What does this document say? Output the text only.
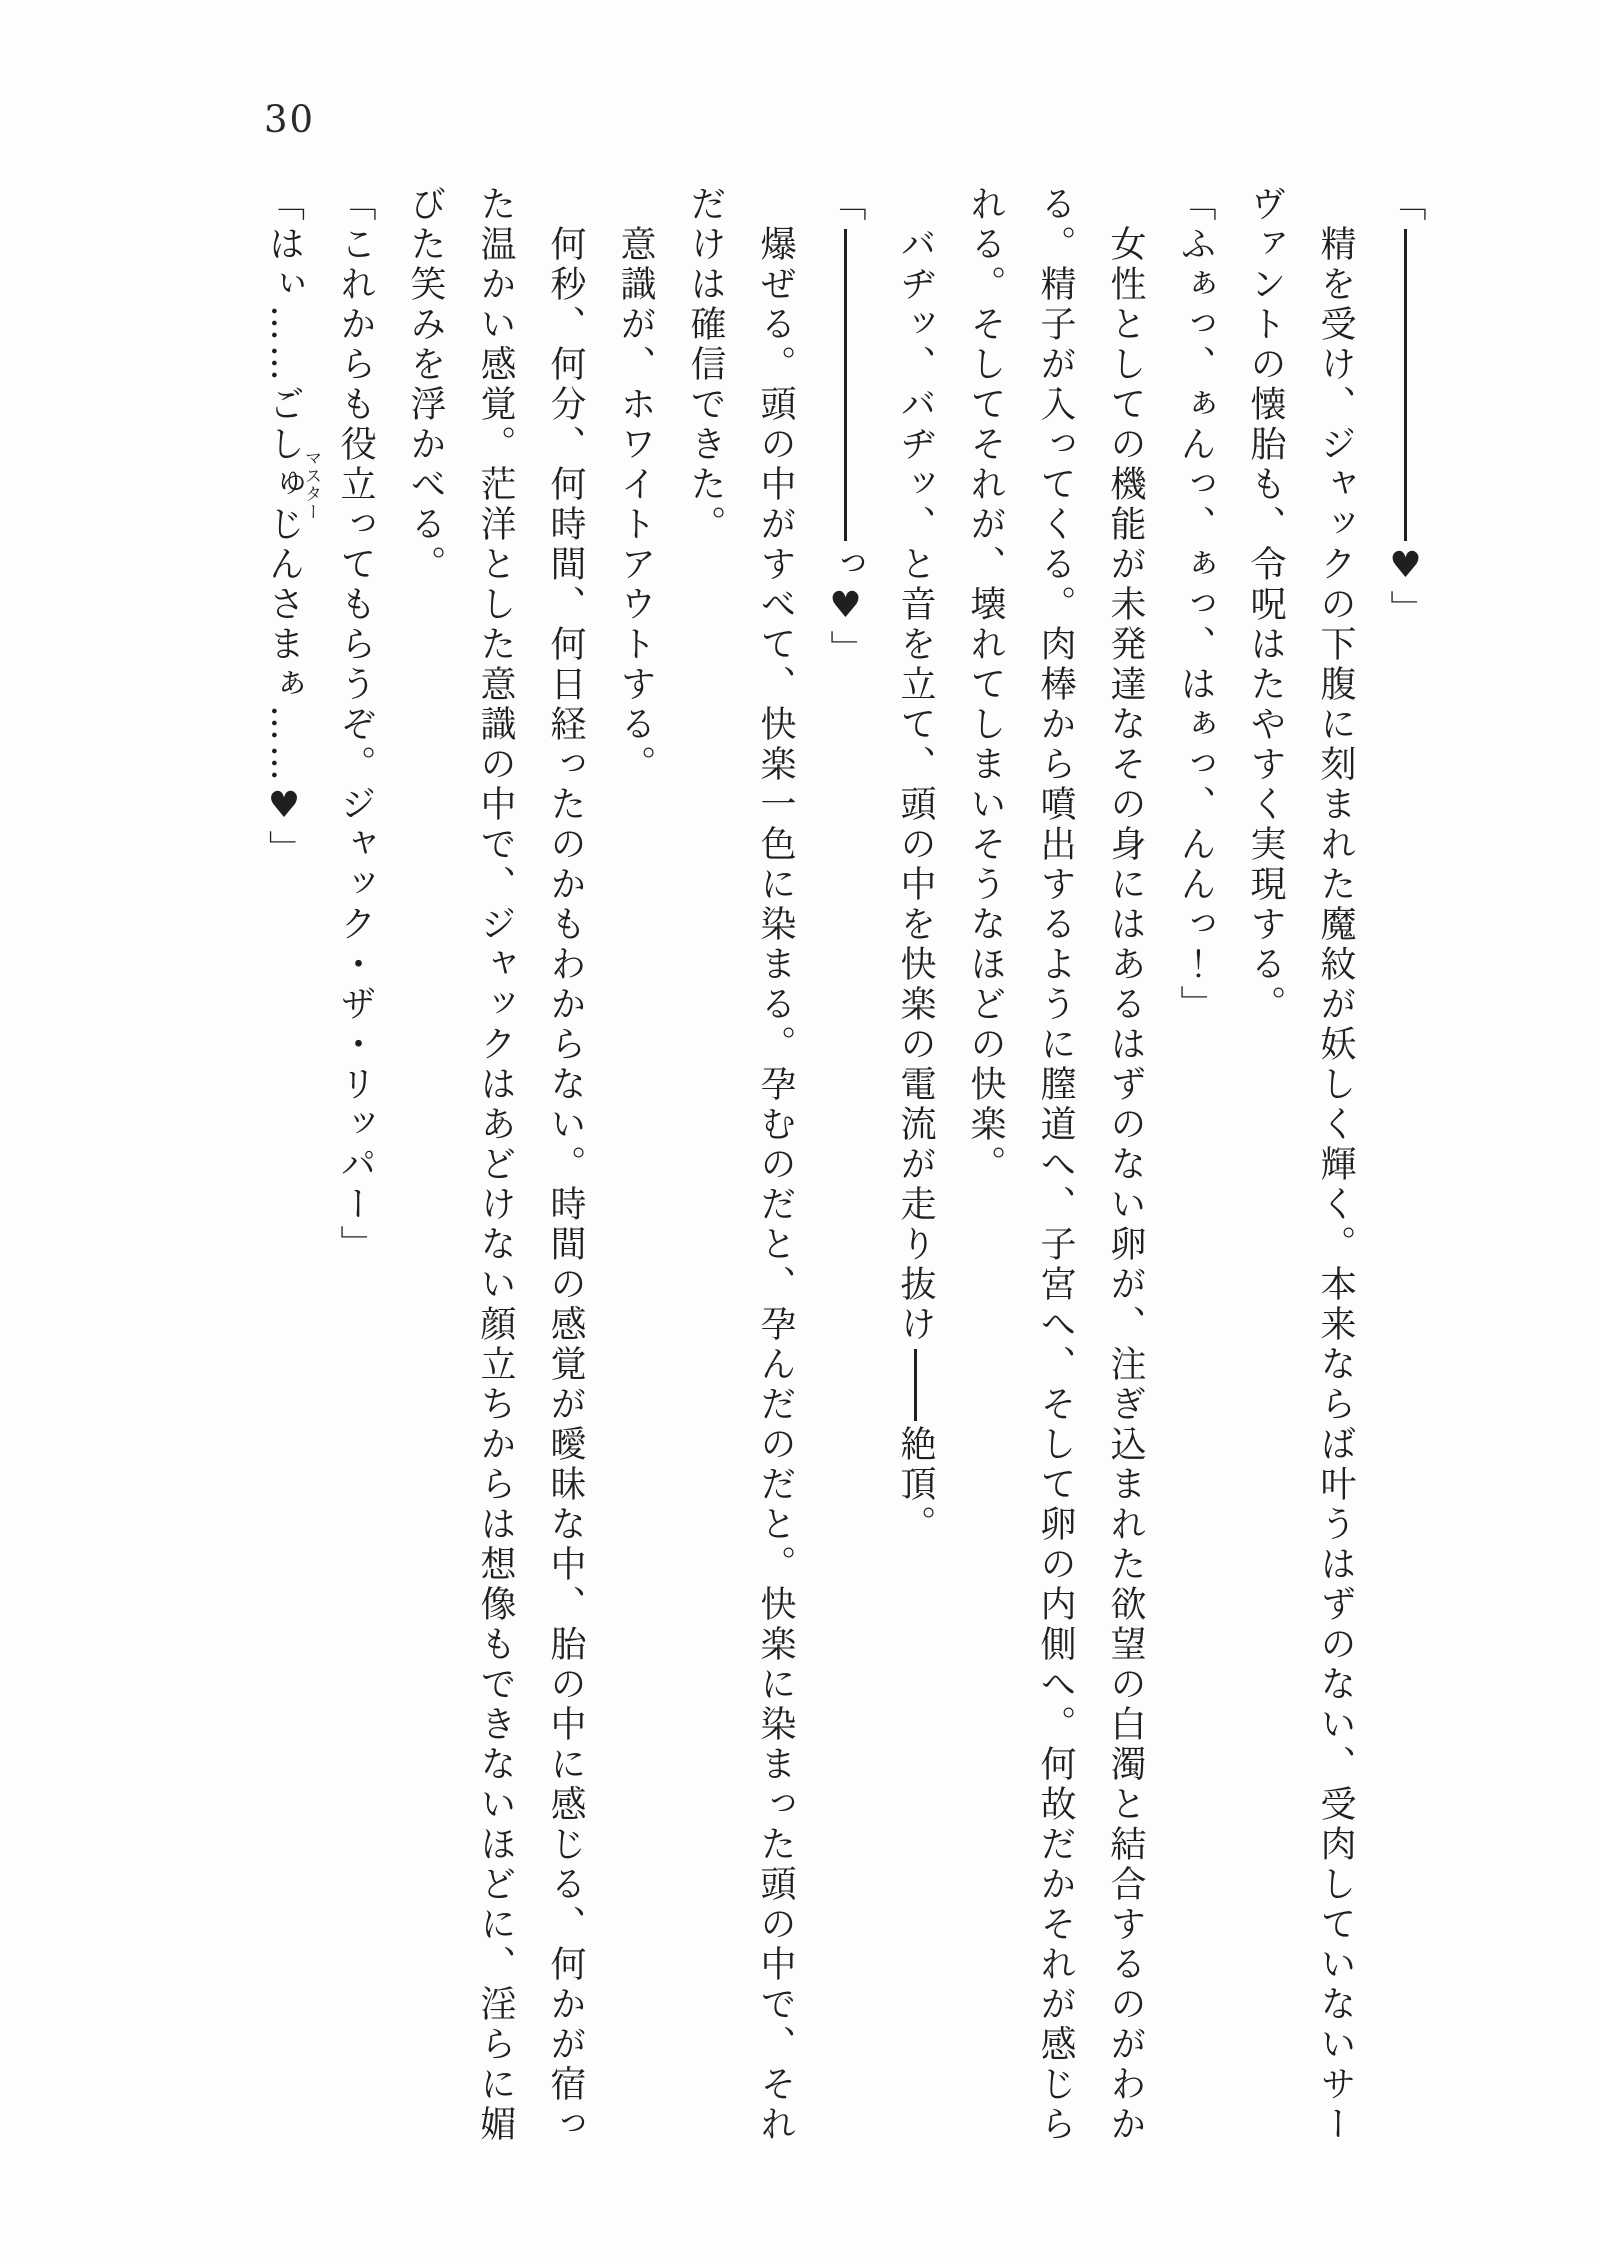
30
「♥」
精を受け、ジャックの下腹に刻まれた魔紋が妖しく輝く。本来ならば叶うはずのない、受肉していないサー
ヴァントの懐胎も、令呪はたやすく実現する。
「ふぁっ、ぁんっ、ぁっ、はぁっ、んんっ！」
女性としての機能が未発達なその身にはあるはずのない卵が、注ぎ込まれた欲望の白濁と結合するのがわか
る。精子が入ってくる。肉棒から噴出するように膣道へ、子宮へ、そして卵の内側へ。何故だかそれが感じら
れる。そしてそれが、壊れてしまいそうなほどの快楽。
バヂッ、バヂッ、と音を立て、頭の中を快楽の電流が走り抜け絶頂。
「っ♥」
爆ぜる。頭の中がすべて、快楽一色に染まる。孕むのだと、孕んだのだと。快楽に染まった頭の中で、それ
だけは確信できた。
意識が、ホワイトアウトする。
何秒、何分、何時間、何日経ったのかもわからない。時間の感覚が曖昧な中、胎の中に感じる、何かが宿っ
た温かい感覚。茫洋とした意識の中で、ジャックはあどけない顔立ちからは想像もできないほどに、淫らに媚
びた笑みを浮かべる。
「これからも役立ってもらうぞ。ジャック・ザ・リッパー」
「はぃ……ごしゅじんマスターさまぁ……♥」
